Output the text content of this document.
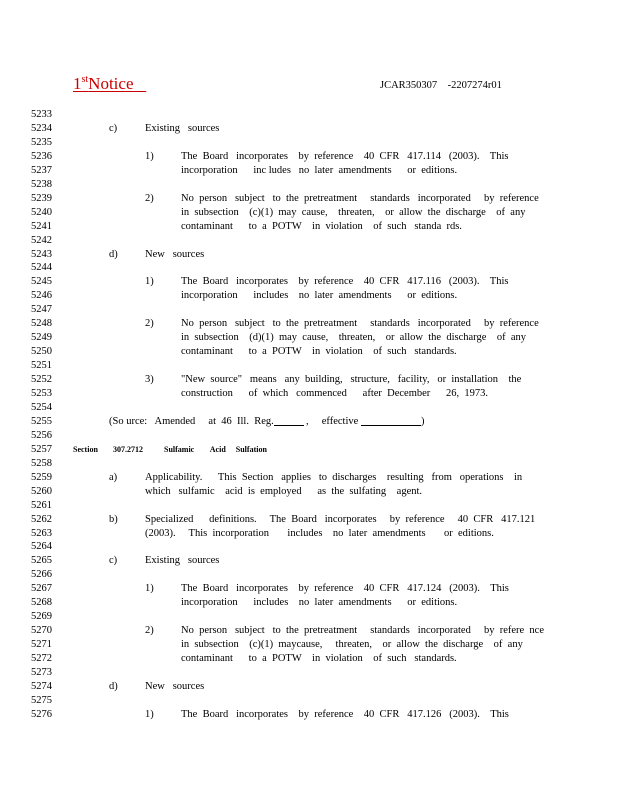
1stNotice	JCAR350307    -2207274r01
5233
5234
5235
5236
5237
5238
5239
5240
5241
5242
5243
5244
5245
5246
5247
5248
5249
5250
5251
5252
5253
5254
5255
5256
5257
5258
5259
5260
5261
5262
5263
5264
5265
5266
5267
5268
5269
5270
5271
5272
5273
5274
5275
5276
c)	Existing   sources
1)	The  Board   incorporates    by  reference    40  CFR   417.114   (2003).    This
incorporation      inc ludes   no  later  amendments      or  editions.
2)	No  person   subject   to  the  pretreatment     standards   incorporated     by  reference
in  subsection    (c)(1)  may  cause,    threaten,    or  allow  the  discharge    of  any
contaminant      to  a  POTW    in  violation    of  such   standa  rds.
d)	New   sources
1)	The  Board   incorporates    by  reference    40  CFR   417.116   (2003).    This
incorporation      includes    no  later  amendments      or  editions.
2)	No  person   subject   to  the  pretreatment     standards   incorporated     by  reference
in  subsection    (d)(1)  may  cause,    threaten,    or  allow  the  discharge    of  any
contaminant      to  a  POTW    in  violation    of  such   standards.
3)	"New  source"   means   any  building,   structure,   facility,   or  installation    the
construction      of  which   commenced      after  December      26,  1973.
(So urce:   Amended     at  46  Ill.  Reg.	,     effective	)
Section 307.2712	Sulfamic        Acid     Sulfation
a)	Applicability.      This  Section   applies   to  discharges    resulting   from   operations    in
which   sulfamic    acid  is  employed      as  the  sulfating    agent.
b)	Specialized      definitions.     The  Board   incorporates     by  reference     40  CFR   417.121
(2003).     This  incorporation       includes    no  later  amendments       or  editions.
c)	Existing   sources
1)	The  Board   incorporates    by  reference    40  CFR   417.124   (2003).    This
incorporation      includes    no  later  amendments      or  editions.
2)	No  person   subject   to  the  pretreatment     standards   incorporated     by  refere  nce
in  subsection    (c)(1)  maycause,     threaten,    or  allow  the  discharge    of  any
contaminant      to  a  POTW    in  violation    of  such   standards.
d)	New   sources
1)	The  Board   incorporates    by  reference    40  CFR   417.126   (2003).    This
